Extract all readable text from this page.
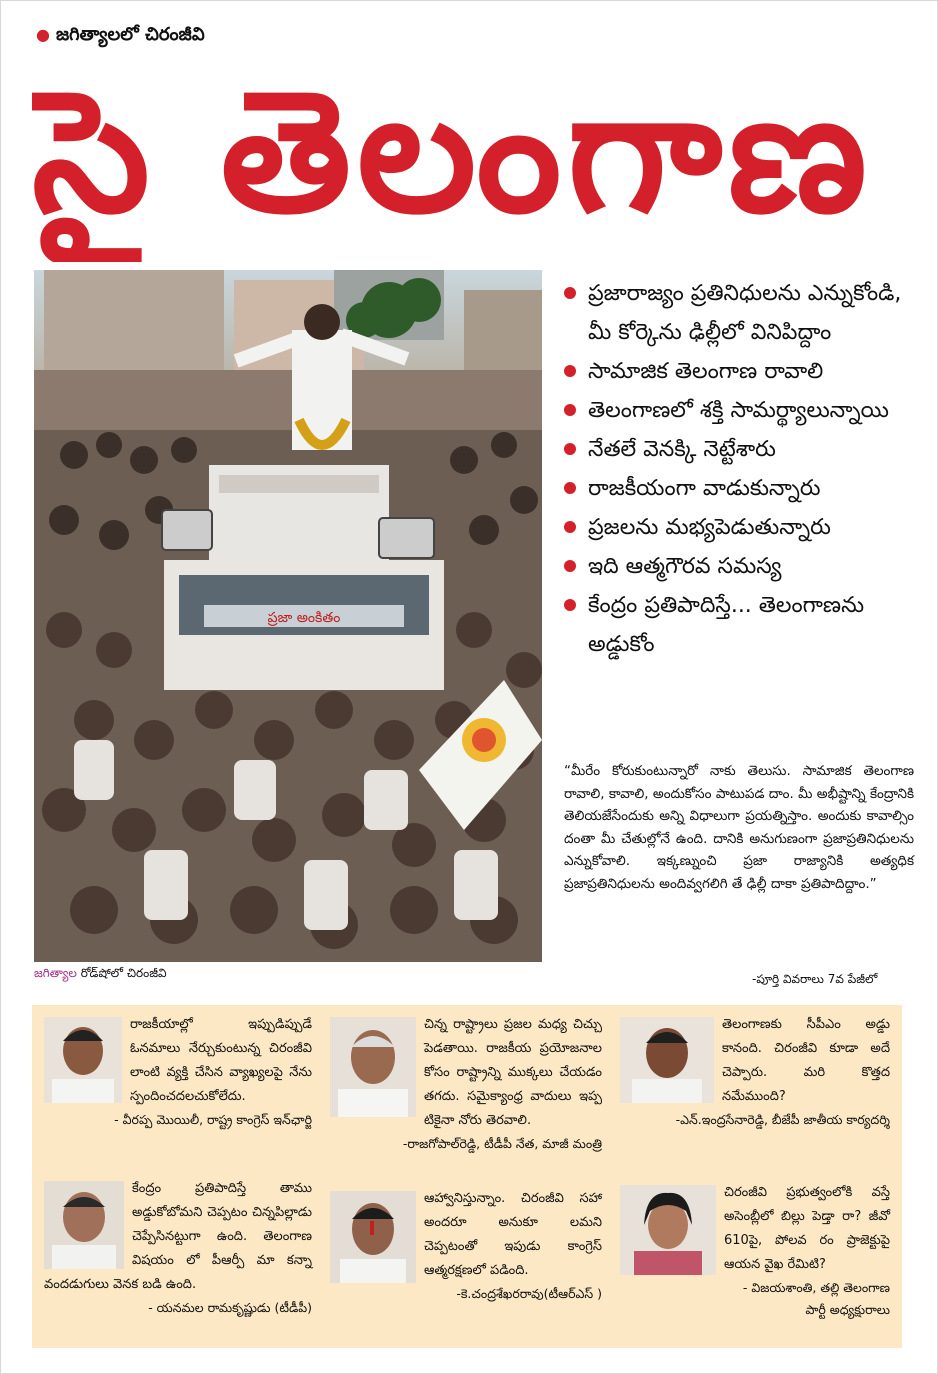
● జగిత్యాలలో చిరంజీవి
సై తెలంగాణ
ప్రజా అంకితం
జగిత్యాల రోడ్‌షోలో చిరంజీవి
ప్రజారాజ్యం ప్రతినిధులను ఎన్నుకోండి, మీ కోర్కెను ఢిల్లీలో వినిపిద్దాం
సామాజిక తెలంగాణ రావాలి
తెలంగాణలో శక్తి సామర్థ్యాలున్నాయి
నేతలే వెనక్కి నెట్టేశారు
రాజకీయంగా వాడుకున్నారు
ప్రజలను మభ్యపెడుతున్నారు
ఇది ఆత్మగౌరవ సమస్య
కేంద్రం ప్రతిపాదిస్తే... తెలంగాణను అడ్డుకోం
“మీరేం కోరుకుంటున్నారో నాకు తెలుసు. సామాజిక తెలంగాణ రావాలి, కావాలి, అందుకోసం పాటుపడ దాం. మీ అభీష్టాన్ని కేంద్రానికి తెలియజేసేందుకు అన్ని విధాలుగా ప్రయత్నిస్తాం. అందుకు కావాల్సిం దంతా మీ చేతుల్లోనే ఉంది. దానికి అనుగుణంగా ప్రజాప్రతినిధులను ఎన్నుకోవాలి. ఇక్కణ్నుంచి ప్రజా రాజ్యానికి అత్యధిక ప్రజాప్రతినిధులను అందివ్వగలిగి తే ఢిల్లీ దాకా ప్రతిపాదిద్దాం.”
-పూర్తి వివరాలు 7వ పేజీలో
రాజకీయాల్లో ఇప్పుడిప్పుడే ఓనమాలు నేర్చుకుంటున్న చిరంజీవి లాంటి వ్యక్తి చేసిన వ్యాఖ్యలపై నేను స్పందించదలచుకోలేదు.
- వీరప్ప మొయిలీ, రాష్ట్ర కాంగ్రెస్ ఇన్‌ఛార్జి
చిన్న రాష్ట్రాలు ప్రజల మధ్య చిచ్చు పెడతాయి. రాజకీయ ప్రయోజనాల కోసం రాష్ట్రాన్ని ముక్కలు చేయడం తగదు. సమైక్యాంధ్ర వాదులు ఇప్ప టికైనా నోరు తెరవాలి.
-రాజగోపాల్‌రెడ్డి, టీడీపీ నేత, మాజీ మంత్రి
తెలంగాణకు సీపీఎం అడ్డు కానంది. చిరంజీవి కూడా అదే చెప్పారు. మరి కొత్తద నమేముంది?
-ఎన్.ఇంద్రసేనారెడ్డి, బీజేపీ జాతీయ కార్యదర్శి
కేంద్రం ప్రతిపాదిస్తే తాము అడ్డుకోబోమని చెప్పటం చిన్నపిల్లాడు చెప్పేసినట్టుగా ఉంది. తెలంగాణ విషయం లో పీఆర్పీ మా కన్నా వందడుగులు వెనక బడి ఉంది.
- యనమల రామకృష్ణుడు (టీడీపీ)
ఆహ్వానిస్తున్నాం. చిరంజీవి సహా అందరూ అనుకూ లమని చెప్పటంతో ఇపుడు కాంగ్రెస్ ఆత్మరక్షణలో పడింది.
-కె.చంద్రశేఖరరావు(టీఆర్ఎస్ )
చిరంజీవి ప్రభుత్వంలోకి వస్తే అసెంబ్లీలో బిల్లు పెడ్తా రా? జీవో 610పై, పోలవ రం ప్రాజెక్టుపై ఆయన వైఖ రేమిటి?
- విజయశాంతి, తల్లి తెలంగాణ పార్టీ అధ్యక్షురాలు
